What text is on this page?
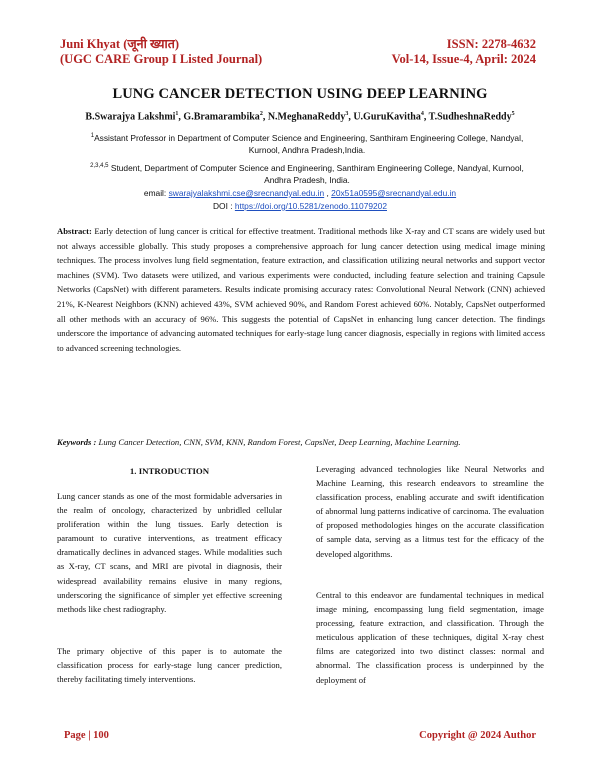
Juni Khyat (जूनी ख्यात)
(UGC CARE Group I Listed Journal)
ISSN: 2278-4632
Vol-14, Issue-4, April: 2024
LUNG CANCER DETECTION USING DEEP LEARNING
B.Swarajya Lakshmi$^1$, G.Bramarambika$^2$, N.MeghanaReddy$^3$, U.GuruKavitha$^4$, T.SudheshnaReddy$^5$
$^1$Assistant Professor in Department of Computer Science and Engineering, Santhiram Engineering College, Nandyal, Kurnool, Andhra Pradesh,India.
$^{2,3,4,5}$ Student, Department of Computer Science and Engineering, Santhiram Engineering College, Nandyal, Kurnool, Andhra Pradesh, India.
email: swarajyalakshmi.cse@srecnandyal.edu.in , 20x51a0595@srecnandyal.edu.in
DOI : https://doi.org/10.5281/zenodo.11079202
Abstract: Early detection of lung cancer is critical for effective treatment. Traditional methods like X-ray and CT scans are widely used but not always accessible globally. This study proposes a comprehensive approach for lung cancer detection using medical image mining techniques. The process involves lung field segmentation, feature extraction, and classification utilizing neural networks and support vector machines (SVM). Two datasets were utilized, and various experiments were conducted, including feature selection and training Capsule Networks (CapsNet) with different parameters. Results indicate promising accuracy rates: Convolutional Neural Network (CNN) achieved 21%, K-Nearest Neighbors (KNN) achieved 43%, SVM achieved 90%, and Random Forest achieved 60%. Notably, CapsNet outperformed all other methods with an accuracy of 96%. This suggests the potential of CapsNet in enhancing lung cancer detection. The findings underscore the importance of advancing automated techniques for early-stage lung cancer diagnosis, especially in regions with limited access to advanced screening technologies.
Keywords : Lung Cancer Detection, CNN, SVM, KNN, Random Forest, CapsNet, Deep Learning, Machine Learning.
1. INTRODUCTION
Lung cancer stands as one of the most formidable adversaries in the realm of oncology, characterized by unbridled cellular proliferation within the lung tissues. Early detection is paramount to curative interventions, as treatment efficacy dramatically declines in advanced stages. While modalities such as X-ray, CT scans, and MRI are pivotal in diagnosis, their widespread availability remains elusive in many regions, underscoring the significance of simpler yet effective screening methods like chest radiography.
The primary objective of this paper is to automate the classification process for early-stage lung cancer prediction, thereby facilitating timely interventions.
Leveraging advanced technologies like Neural Networks and Machine Learning, this research endeavors to streamline the classification process, enabling accurate and swift identification of abnormal lung patterns indicative of carcinoma. The evaluation of proposed methodologies hinges on the accurate classification of sample data, serving as a litmus test for the efficacy of the developed algorithms.
Central to this endeavor are fundamental techniques in medical image mining, encompassing lung field segmentation, image processing, feature extraction, and classification. Through the meticulous application of these techniques, digital X-ray chest films are categorized into two distinct classes: normal and abnormal. The classification process is underpinned by the deployment of
Page | 100	Copyright @ 2024 Author
